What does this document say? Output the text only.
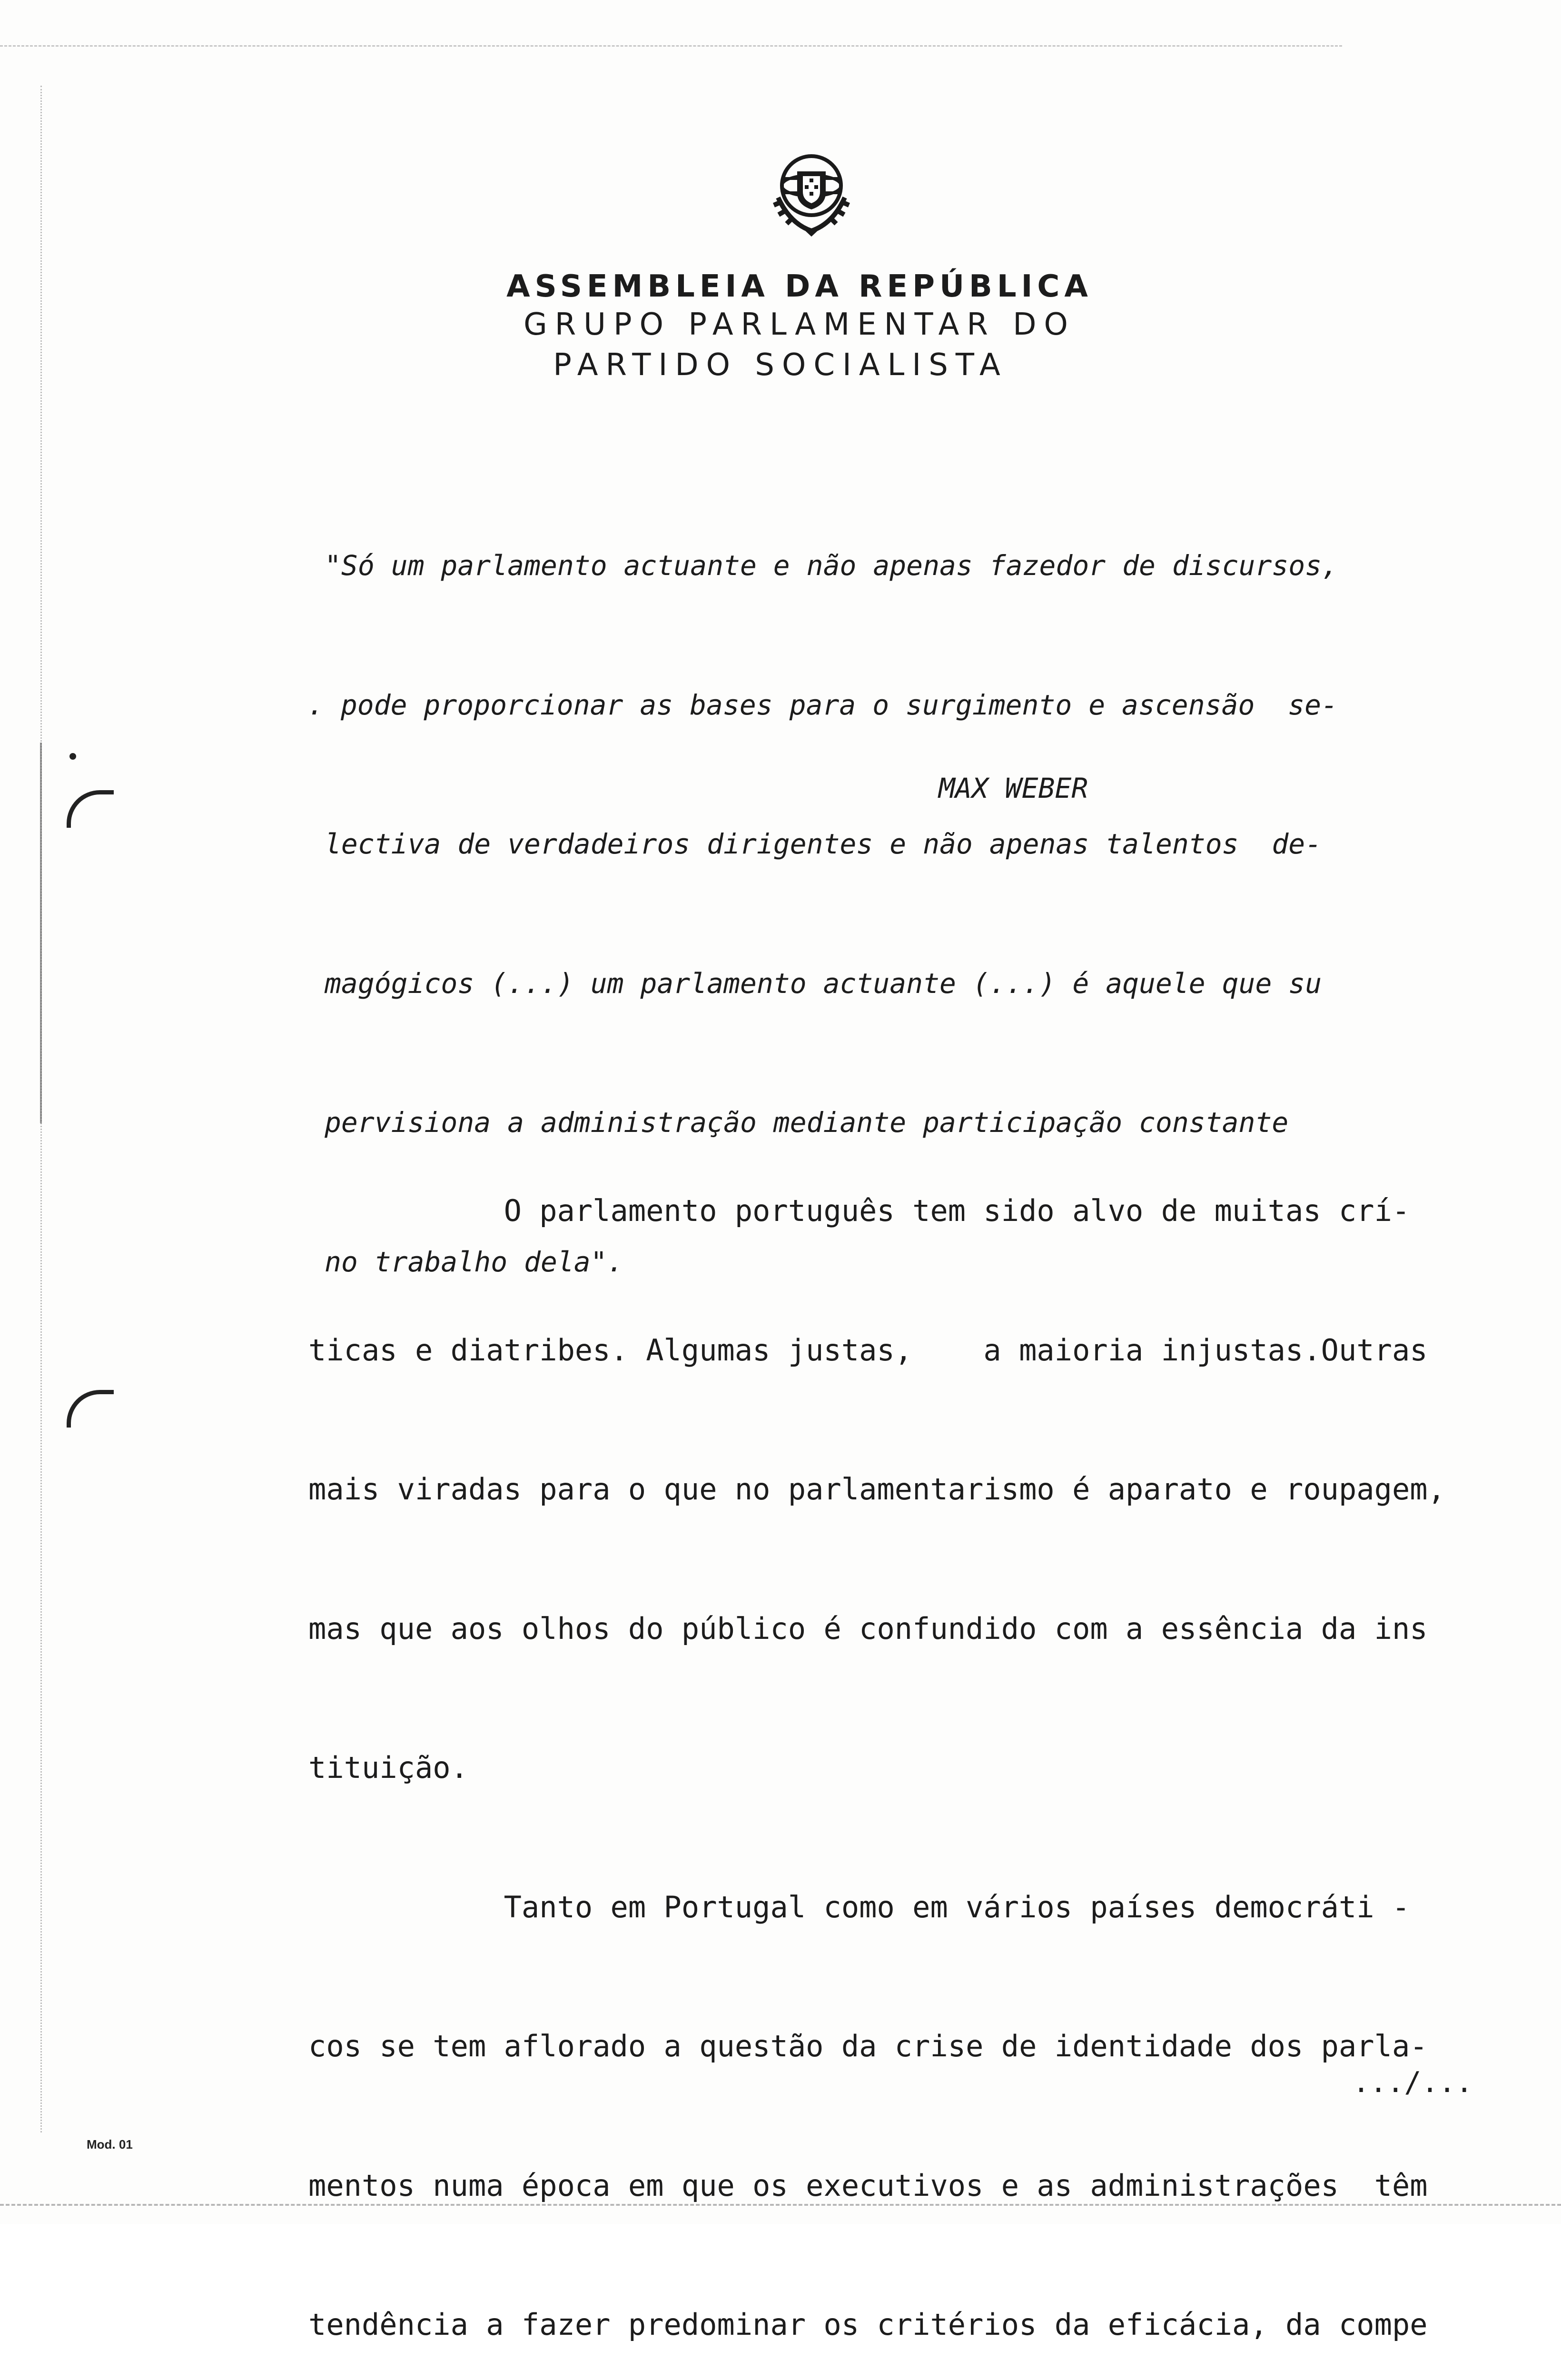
ASSEMBLEIA DA REPÚBLICA
GRUPO PARLAMENTAR DO
PARTIDO SOCIALISTA

"Só um parlamento actuante e não apenas fazedor de discursos,

. pode proporcionar as bases para o surgimento e ascensão  se-

lectiva de verdadeiros dirigentes e não apenas talentos  de-

magógicos (...) um parlamento actuante (...) é aquele que su

pervisiona a administração mediante participação constante

no trabalho dela".

MAX WEBER

O parlamento português tem sido alvo de muitas crí-

ticas e diatribes. Algumas justas,    a maioria injustas.Outras

mais viradas para o que no parlamentarismo é aparato e roupagem,

mas que aos olhos do público é confundido com a essência da ins

tituição.

Tanto em Portugal como em vários países democráti -

cos se tem aflorado a questão da crise de identidade dos parla-

mentos numa época em que os executivos e as administrações  têm

tendência a fazer predominar os critérios da eficácia, da compe

.../...
Mod. 01
